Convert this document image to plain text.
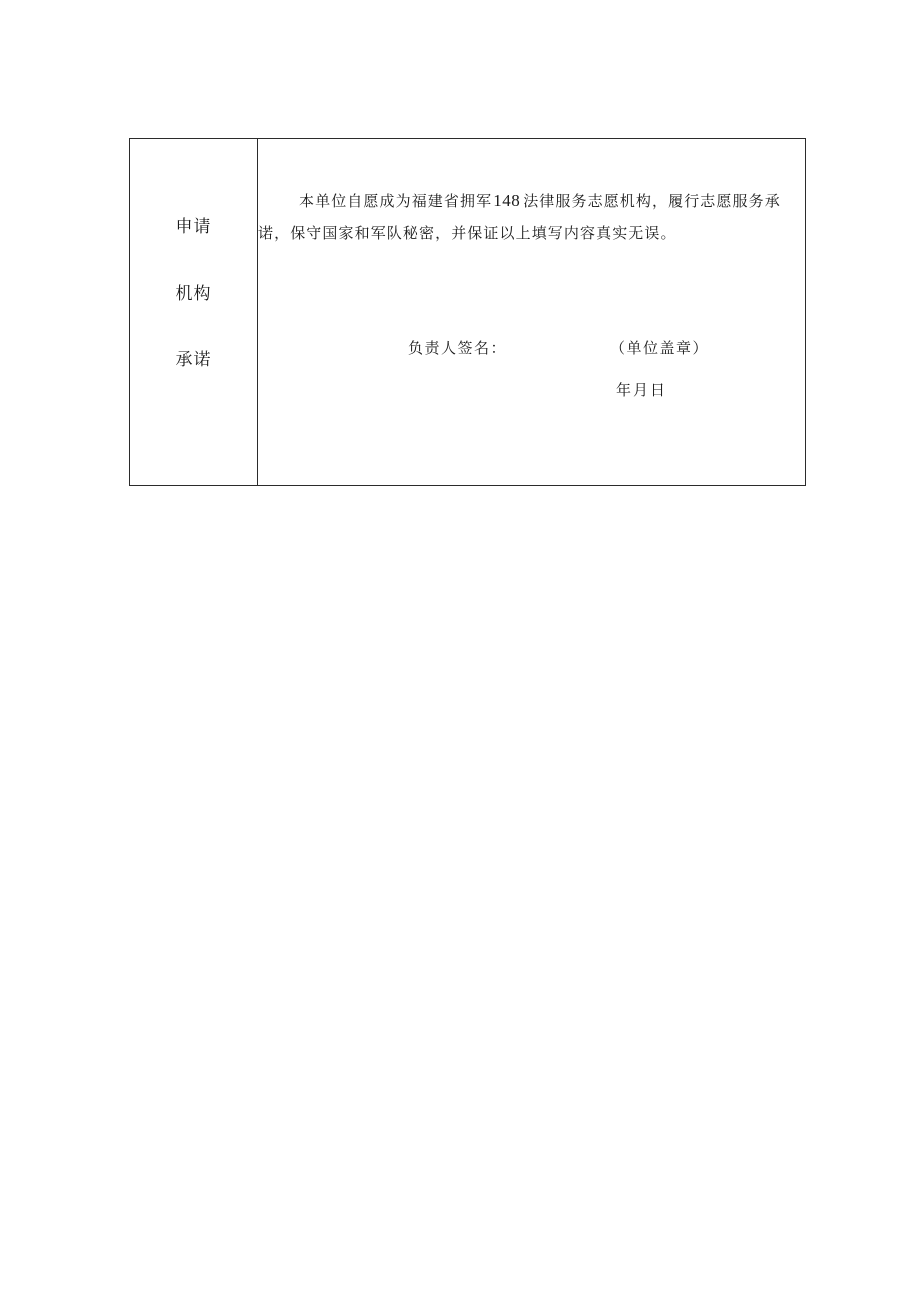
申请
机构
承诺

本单位自愿成为福建省拥军148 法律服务志愿机构，履行志愿服务承诺，保守国家和军队秘密，并保证以上填写内容真实无误。

负责人签名：	（单位盖章）
年月日
